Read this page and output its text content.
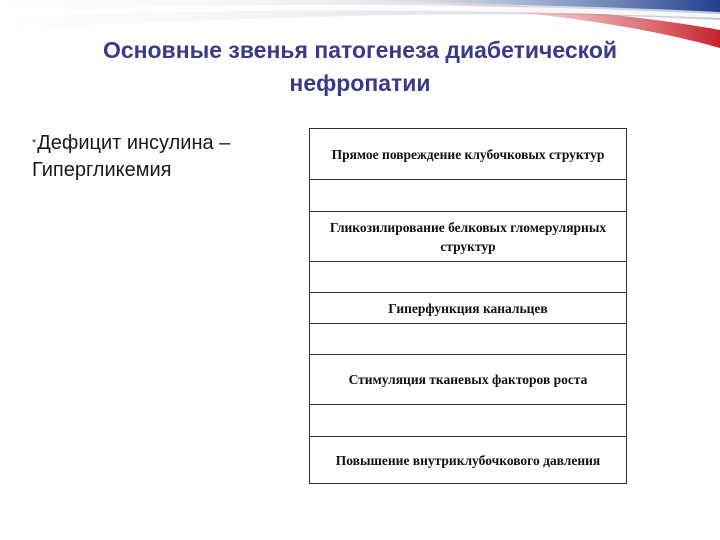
Основные звенья патогенеза диабетической нефропатии
•Дефицит инсулина – Гипергликемия
Прямое повреждение клубочковых структур
Гликозилирование белковых гломерулярных структур
Гиперфункция канальцев
Стимуляция тканевых факторов роста
Повышение внутриклубочкового давления
